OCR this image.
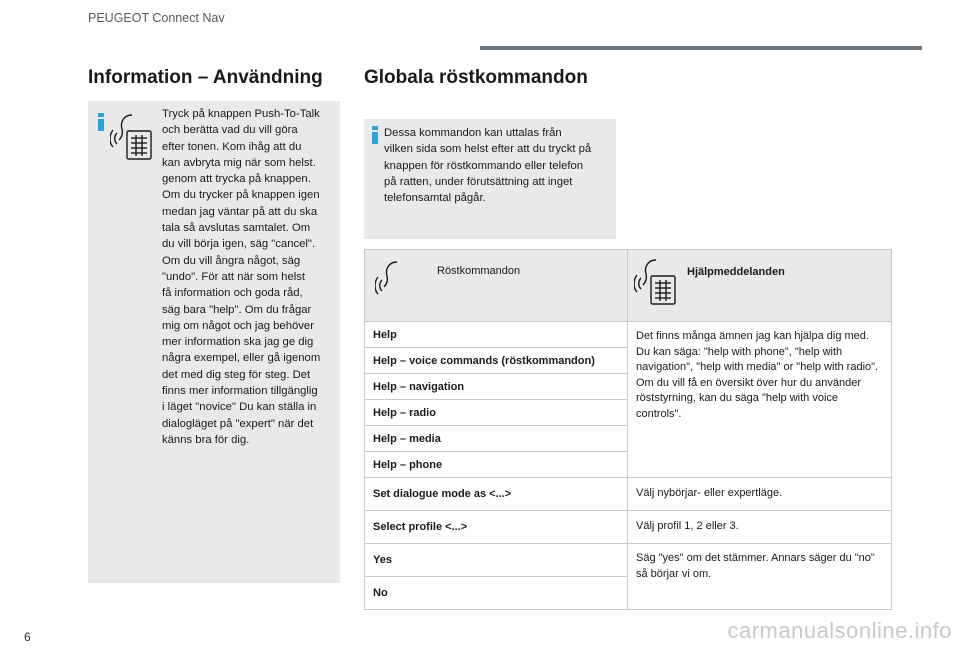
PEUGEOT Connect Nav
Information – Användning
Tryck på knappen Push-To-Talk
och berätta vad du vill göra
efter tonen. Kom ihåg att du
kan avbryta mig när som helst.
genom att trycka på knappen.
Om du trycker på knappen igen
medan jag väntar på att du ska
tala så avslutas samtalet. Om
du vill börja igen, säg "cancel".
Om du vill ångra något, säg
"undo". För att när som helst
få information och goda råd,
säg bara "help". Om du frågar
mig om något och jag behöver
mer information ska jag ge dig
några exempel, eller gå igenom
det med dig steg för steg. Det
finns mer information tillgänglig
i läget "novice" Du kan ställa in
dialogläget på "expert" när det
känns bra för dig.
Globala röstkommandon
Dessa kommandon kan uttalas från
vilken sida som helst efter att du tryckt på
knappen för röstkommando eller telefon
på ratten, under förutsättning att inget
telefonsamtal pågår.
Röstkommandon	Hjälpmeddelanden

Help	Det finns många ämnen jag kan hjälpa dig med. Du kan säga: "help with phone", "help with navigation", "help with media" or "help with radio". Om du vill få en översikt över hur du använder röststyrning, kan du säga "help with voice controls".
Help – voice commands (röstkommandon)	
Help – navigation	
Help – radio	
Help – media	
Help – phone	
Set dialogue mode as <...>	Välj nybörjar- eller expertläge.
Select profile <...>	Välj profil 1, 2 eller 3.
Yes	Säg "yes" om det stämmer. Annars säger du "no" så börjar vi om.
No	
6	carmanualsonline.info
